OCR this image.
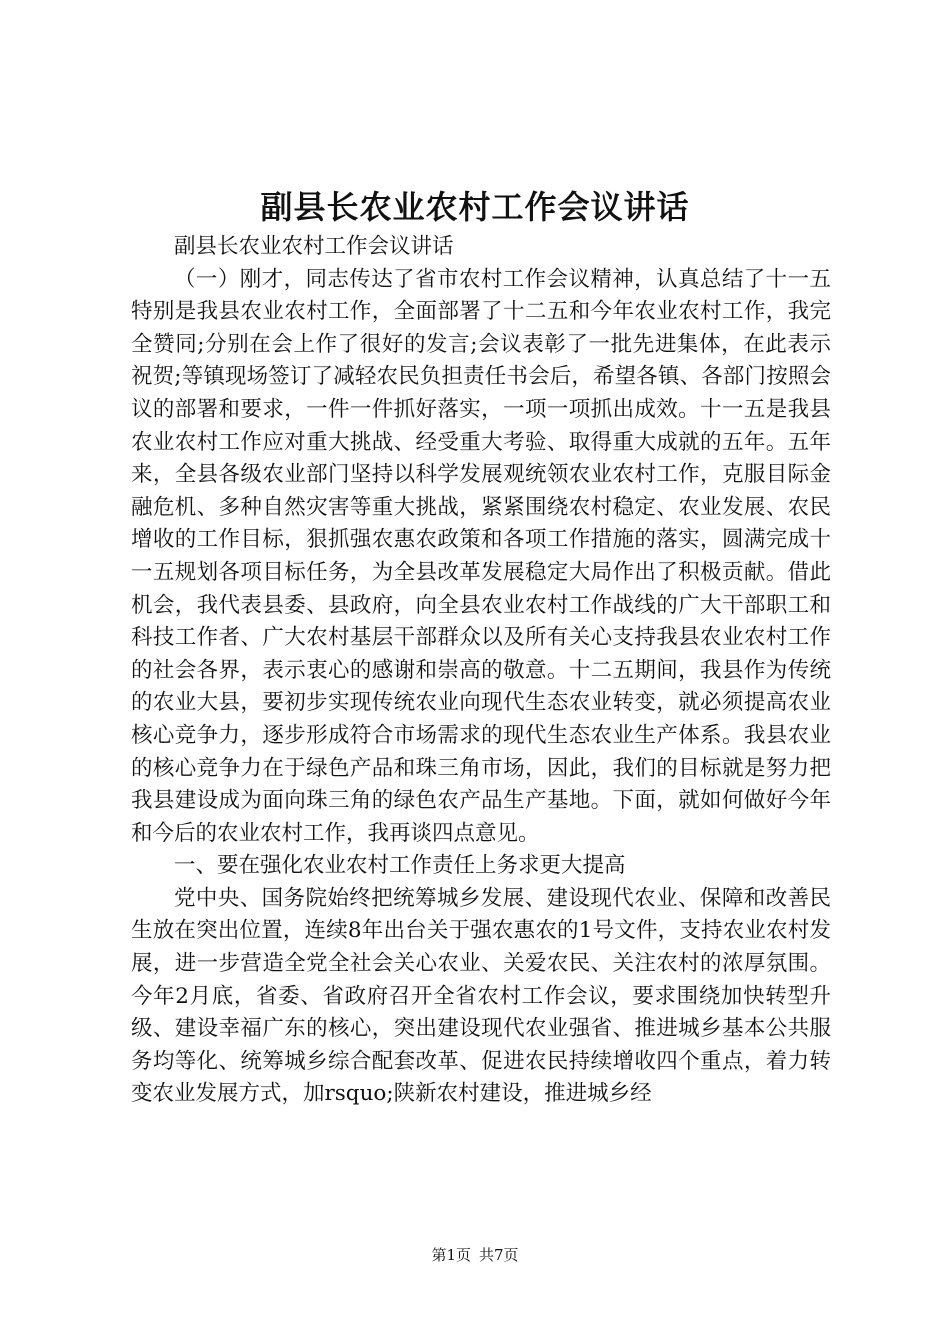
副县长农业农村工作会议讲话

副县长农业农村工作会议讲话

（一）刚才，同志传达了省市农村工作会议精神，认真总结了十一五特别是我县农业农村工作，全面部署了十二五和今年农业农村工作，我完全赞同;分别在会上作了很好的发言;会议表彰了一批先进集体，在此表示祝贺;等镇现场签订了减轻农民负担责任书会后，希望各镇、各部门按照会议的部署和要求，一件一件抓好落实，一项一项抓出成效。十一五是我县农业农村工作应对重大挑战、经受重大考验、取得重大成就的五年。五年来，全县各级农业部门坚持以科学发展观统领农业农村工作，克服目际金融危机、多种自然灾害等重大挑战，紧紧围绕农村稳定、农业发展、农民增收的工作目标，狠抓强农惠农政策和各项工作措施的落实，圆满完成十一五规划各项目标任务，为全县改革发展稳定大局作出了积极贡献。借此机会，我代表县委、县政府，向全县农业农村工作战线的广大干部职工和科技工作者、广大农村基层干部群众以及所有关心支持我县农业农村工作的社会各界，表示衷心的感谢和崇高的敬意。十二五期间，我县作为传统的农业大县，要初步实现传统农业向现代生态农业转变，就必须提高农业核心竞争力，逐步形成符合市场需求的现代生态农业生产体系。我县农业的核心竞争力在于绿色产品和珠三角市场，因此，我们的目标就是努力把我县建设成为面向珠三角的绿色农产品生产基地。下面，就如何做好今年和今后的农业农村工作，我再谈四点意见。

一、要在强化农业农村工作责任上务求更大提高

党中央、国务院始终把统筹城乡发展、建设现代农业、保障和改善民生放在突出位置，连续8年出台关于强农惠农的1号文件，支持农业农村发展，进一步营造全党全社会关心农业、关爱农民、关注农村的浓厚氛围。今年2月底，省委、省政府召开全省农村工作会议，要求围绕加快转型升级、建设幸福广东的核心，突出建设现代农业强省、推进城乡基本公共服务均等化、统筹城乡综合配套改革、促进农民持续增收四个重点，着力转变农业发展方式，加rsquo;陕新农村建设，推进城乡经

第1页 共7页
